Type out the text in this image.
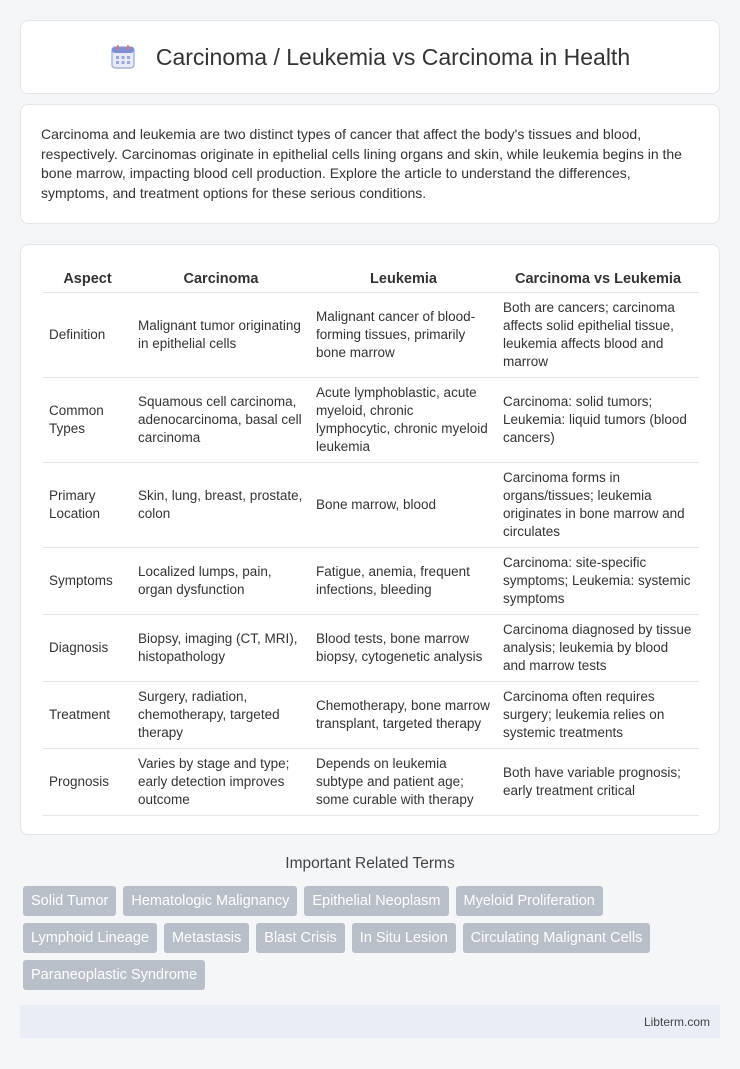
Carcinoma / Leukemia vs Carcinoma in Health

Carcinoma and leukemia are two distinct types of cancer that affect the body's tissues and blood, respectively. Carcinomas originate in epithelial cells lining organs and skin, while leukemia begins in the bone marrow, impacting blood cell production. Explore the article to understand the differences, symptoms, and treatment options for these serious conditions.

Aspect	Carcinoma	Leukemia	Carcinoma vs Leukemia
Definition	Malignant tumor originating in epithelial cells	Malignant cancer of blood-forming tissues, primarily bone marrow	Both are cancers; carcinoma affects solid epithelial tissue, leukemia affects blood and marrow
Common Types	Squamous cell carcinoma, adenocarcinoma, basal cell carcinoma	Acute lymphoblastic, acute myeloid, chronic lymphocytic, chronic myeloid leukemia	Carcinoma: solid tumors; Leukemia: liquid tumors (blood cancers)
Primary Location	Skin, lung, breast, prostate, colon	Bone marrow, blood	Carcinoma forms in organs/tissues; leukemia originates in bone marrow and circulates
Symptoms	Localized lumps, pain, organ dysfunction	Fatigue, anemia, frequent infections, bleeding	Carcinoma: site-specific symptoms; Leukemia: systemic symptoms
Diagnosis	Biopsy, imaging (CT, MRI), histopathology	Blood tests, bone marrow biopsy, cytogenetic analysis	Carcinoma diagnosed by tissue analysis; leukemia by blood and marrow tests
Treatment	Surgery, radiation, chemotherapy, targeted therapy	Chemotherapy, bone marrow transplant, targeted therapy	Carcinoma often requires surgery; leukemia relies on systemic treatments
Prognosis	Varies by stage and type; early detection improves outcome	Depends on leukemia subtype and patient age; some curable with therapy	Both have variable prognosis; early treatment critical
Important Related Terms
Solid Tumor	Hematologic Malignancy	Epithelial Neoplasm	Myeloid Proliferation
Lymphoid Lineage	Metastasis	Blast Crisis	In Situ Lesion	Circulating Malignant Cells
Paraneoplastic Syndrome
Libterm.com
